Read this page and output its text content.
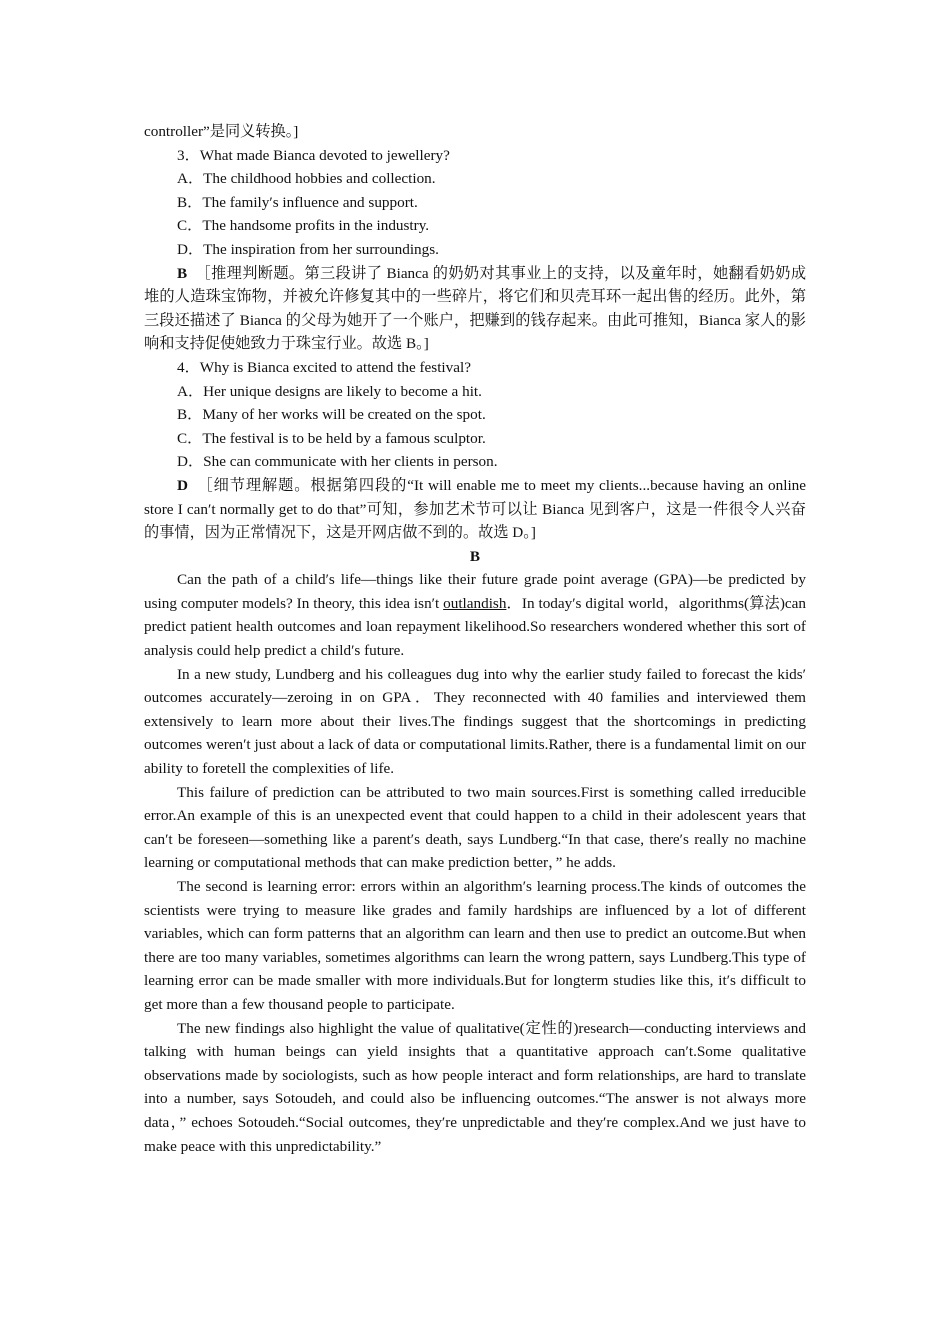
controller”是同义转换。]

3．What made Bianca devoted to jewellery?

A．The childhood hobbies and collection.

B．The family′s influence and support.

C．The handsome profits in the industry.

D．The inspiration from her surroundings.

B ［推理判断题。第三段讲了 Bianca 的奶奶对其事业上的支持，以及童年时，她翻看奶奶成堆的人造珠宝饰物，并被允许修复其中的一些碎片，将它们和贝壳耳环一起出售的经历。此外，第三段还描述了 Bianca 的父母为她开了一个账户，把赚到的钱存起来。由此可推知，Bianca 家人的影响和支持促使她致力于珠宝行业。故选 B。]

4．Why is Bianca excited to attend the festival?

A．Her unique designs are likely to become a hit.

B．Many of her works will be created on the spot.

C．The festival is to be held by a famous sculptor.

D．She can communicate with her clients in person.

D ［细节理解题。根据第四段的“It will enable me to meet my clients...because having an online store I can′t normally get to do that”可知，参加艺术节可以让 Bianca 见到客户，这是一件很令人兴奋的事情，因为正常情况下，这是开网店做不到的。故选 D。]

B

Can the path of a child′s life—things like their future grade point average (GPA)—be predicted by using computer models? In theory, this idea isn′t outlandish．In today′s digital world，algorithms(算法)can predict patient health outcomes and loan repayment likelihood.So researchers wondered whether this sort of analysis could help predict a child′s future.

In a new study, Lundberg and his colleagues dug into why the earlier study failed to forecast the kids′ outcomes accurately—zeroing in on GPA．They reconnected with 40 families and interviewed them extensively to learn more about their lives.The findings suggest that the shortcomings in predicting outcomes weren′t just about a lack of data or computational limits.Rather, there is a fundamental limit on our ability to foretell the complexities of life.

This failure of prediction can be attributed to two main sources.First is something called irreducible error.An example of this is an unexpected event that could happen to a child in their adolescent years that can′t be foreseen—something like a parent′s death, says Lundberg.“In that case, there′s really no machine learning or computational methods that can make prediction better，” he adds.

The second is learning error: errors within an algorithm′s learning process.The kinds of outcomes the scientists were trying to measure like grades and family hardships are influenced by a lot of different variables, which can form patterns that an algorithm can learn and then use to predict an outcome.But when there are too many variables, sometimes algorithms can learn the wrong pattern, says Lundberg.This type of learning error can be made smaller with more individuals.But for longterm studies like this, it′s difficult to get more than a few thousand people to participate.

The new findings also highlight the value of qualitative(定性的)research—conducting interviews and talking with human beings can yield insights that a quantitative approach can′t.Some qualitative observations made by sociologists, such as how people interact and form relationships, are hard to translate into a number, says Sotoudeh, and could also be influencing outcomes.“The answer is not always more data，” echoes Sotoudeh.“Social outcomes, they′re unpredictable and they′re complex.And we just have to make peace with this unpredictability.”
